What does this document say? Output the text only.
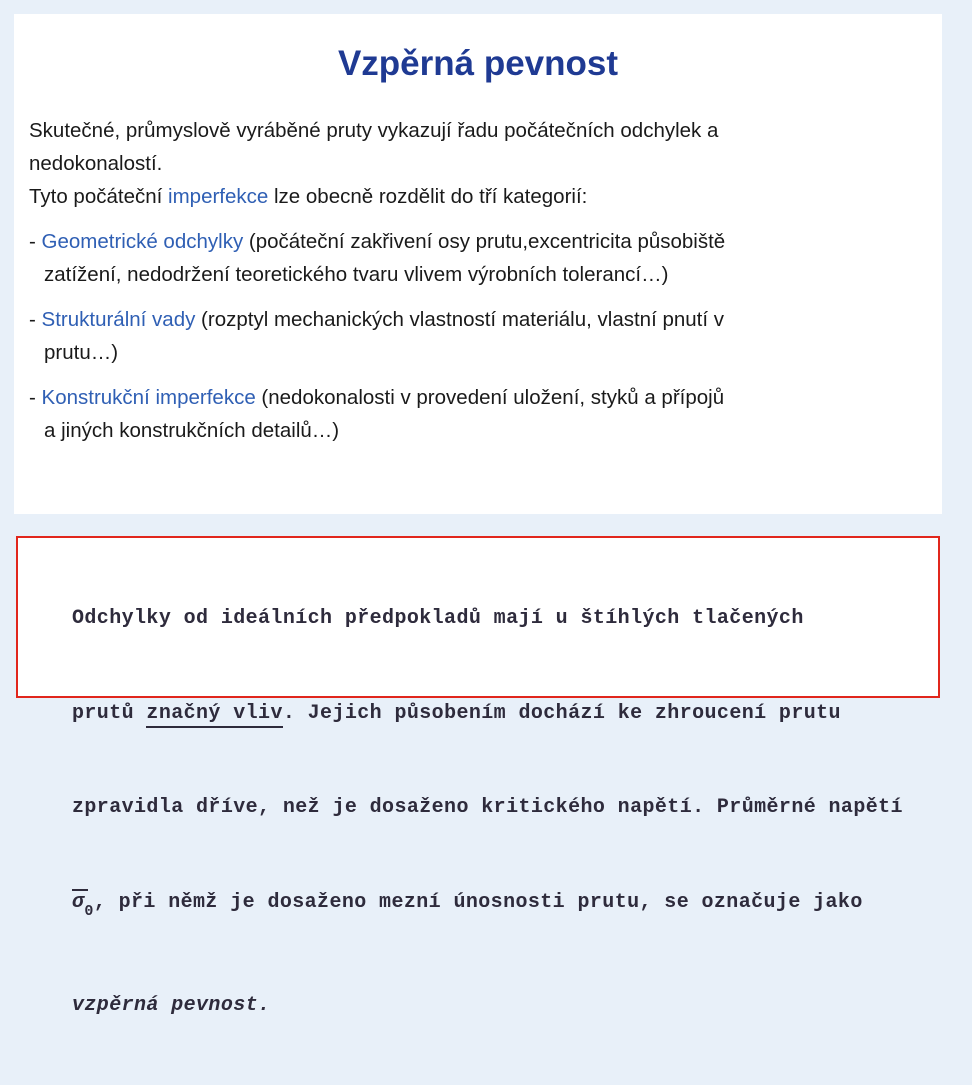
Vzpěrná pevnost

Skutečné, průmyslově vyráběné pruty vykazují řadu počátečních odchylek a

nedokonalostí.

Tyto počáteční imperfekce lze obecně rozdělit do tří kategorií:

- Geometrické odchylky (počáteční zakřivení osy prutu,excentricita působiště

zatížení, nedodržení teoretického tvaru vlivem výrobních tolerancí…)

- Strukturální vady (rozptyl mechanických vlastností materiálu, vlastní pnutí v

prutu…)

- Konstrukční imperfekce (nedokonalosti v provedení uložení, styků a přípojů

a jiných konstrukčních detailů…)

Odchylky od ideálních předpokladů mají u štíhlých tlačených

prutů značný vliv. Jejich působením dochází ke zhroucení prutu

zpravidla dříve, než je dosaženo kritického napětí. Průměrné napětí

$\sigma_0$, při němž je dosaženo mezní únosnosti prutu, se označuje jako

vzpěrná pevnost.
